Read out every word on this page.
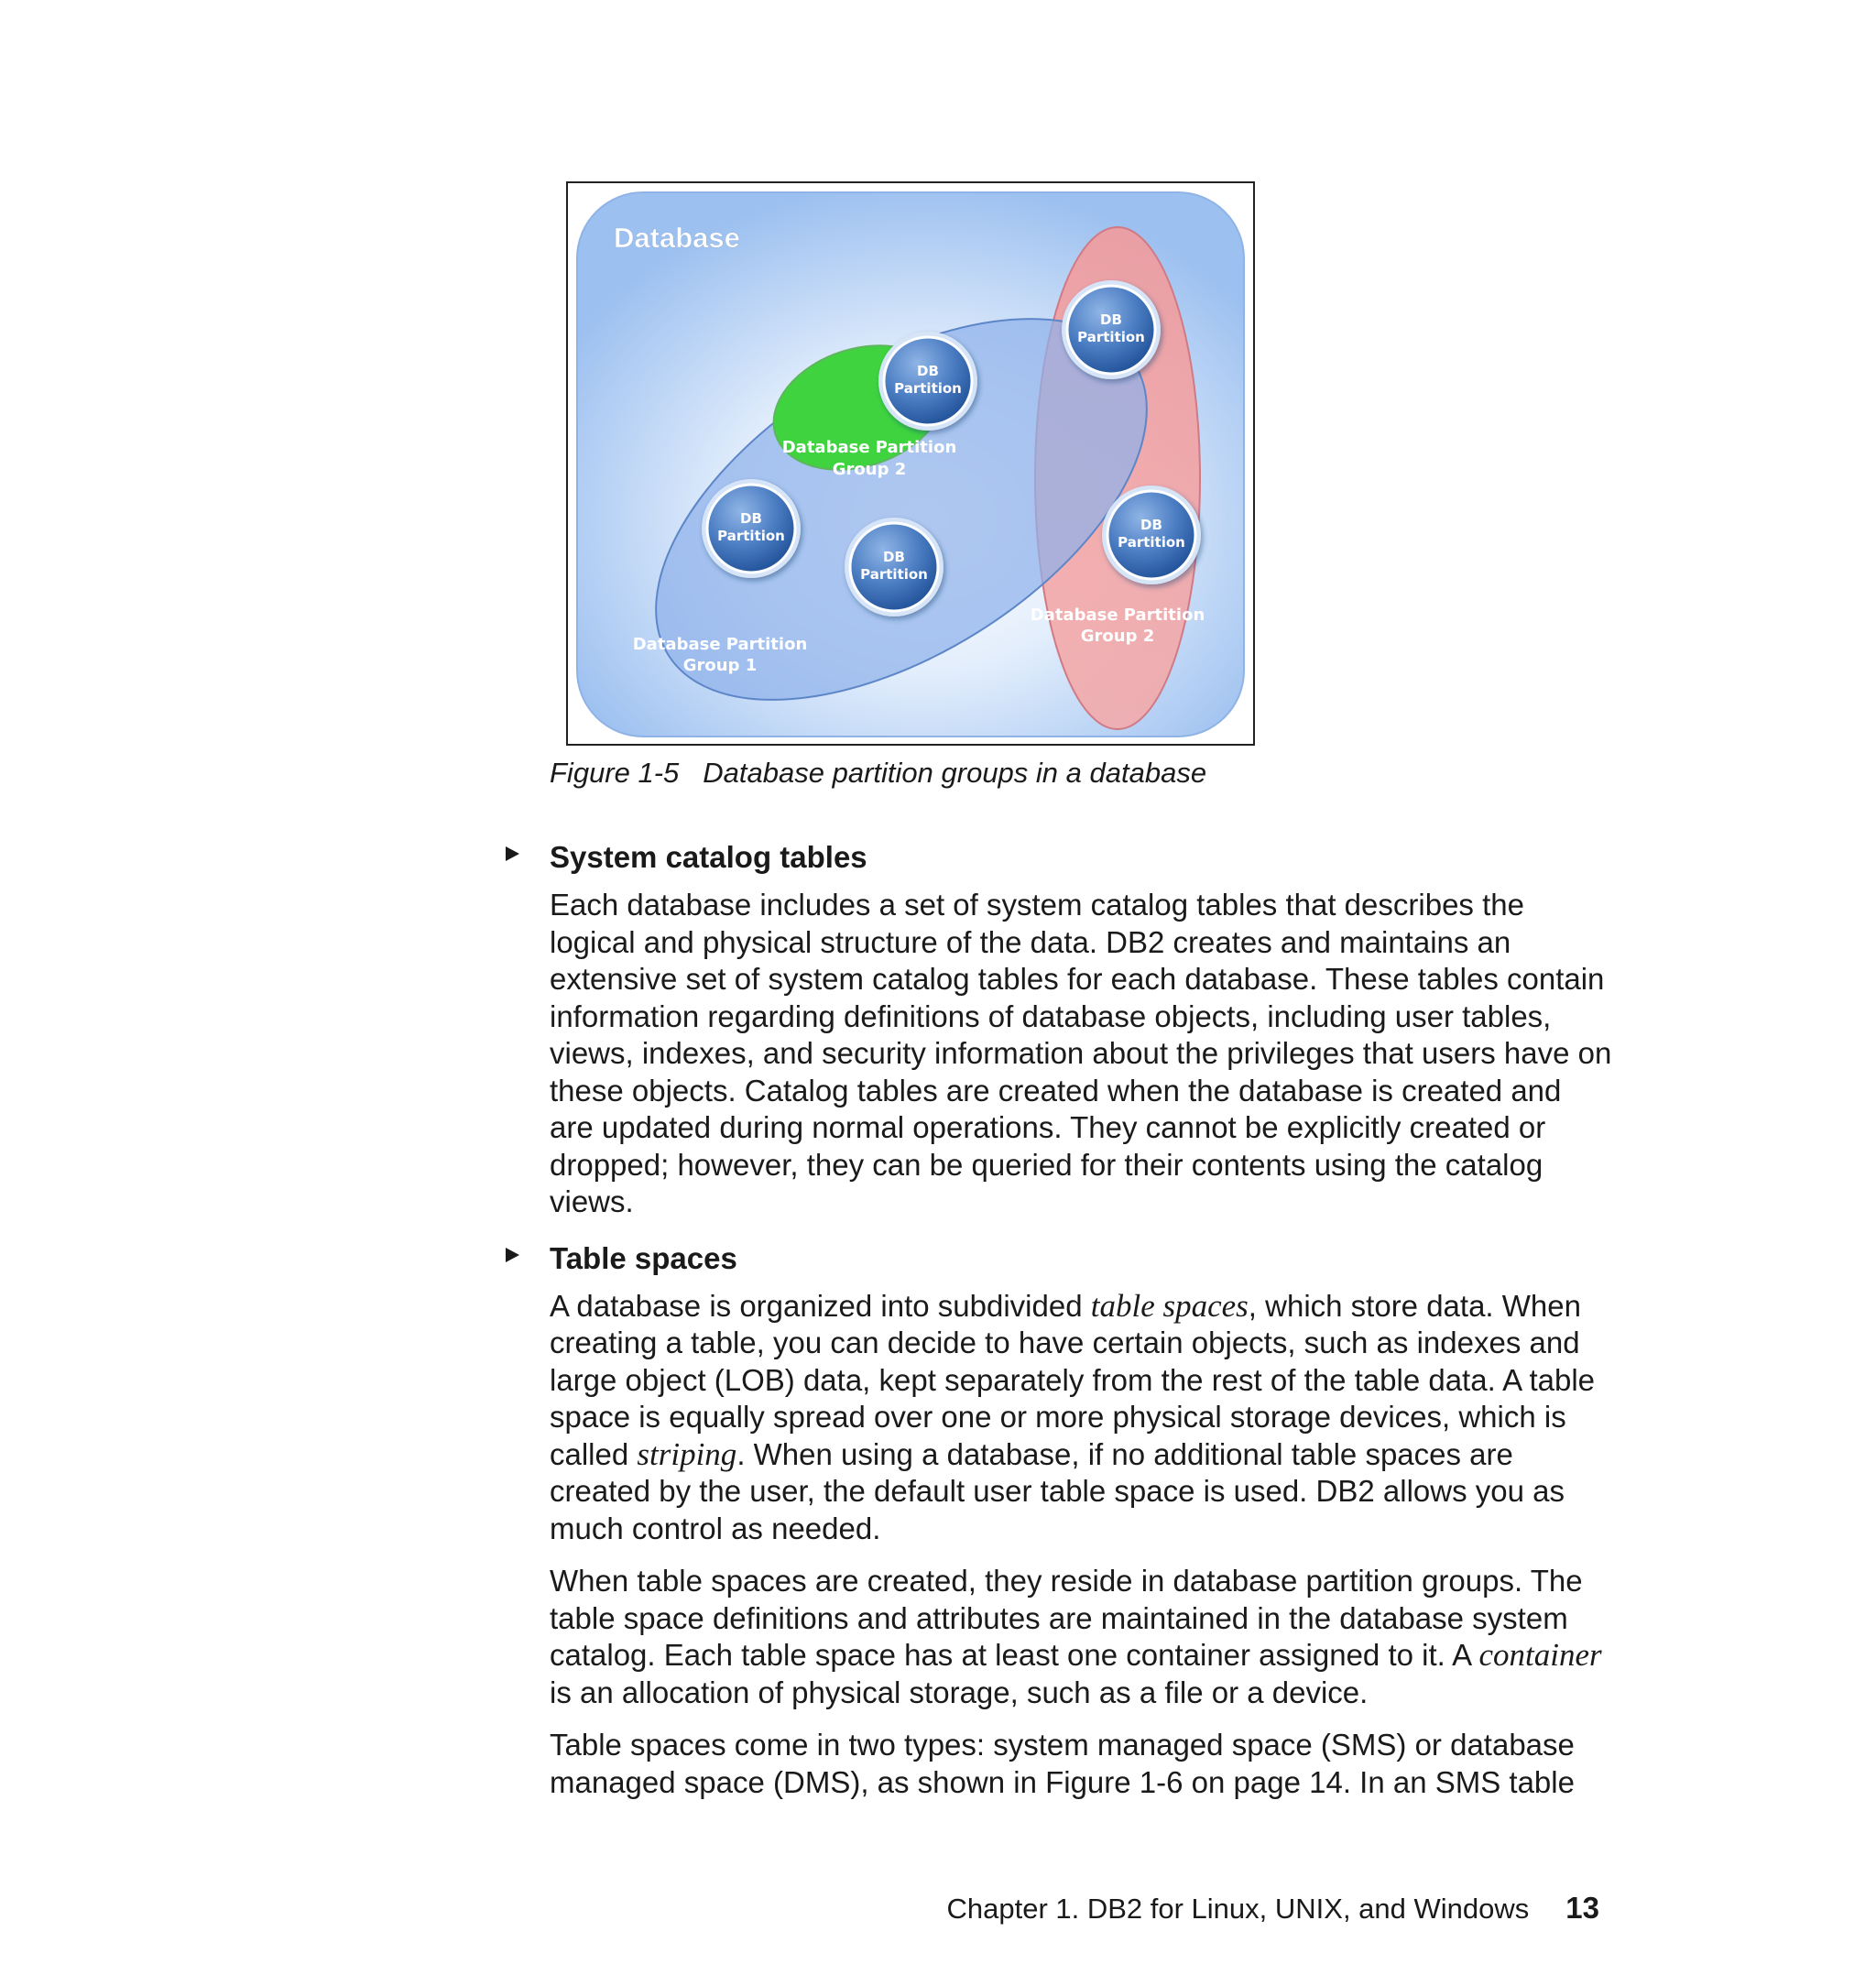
Database
DB
Partition
DB
Partition
DB
Partition
DB
Partition
DB
Partition
Database Partition
Group 2
Database Partition
Group 1
Database Partition
Group 2
Figure 1-5 Database partition groups in a database
System catalog tables

Each database includes a set of system catalog tables that describes the logical and physical structure of the data. DB2 creates and maintains an extensive set of system catalog tables for each database. These tables contain information regarding definitions of database objects, including user tables, views, indexes, and security information about the privileges that users have on these objects. Catalog tables are created when the database is created and are updated during normal operations. They cannot be explicitly created or dropped; however, they can be queried for their contents using the catalog views.

Table spaces

A database is organized into subdivided table spaces, which store data. When creating a table, you can decide to have certain objects, such as indexes and large object (LOB) data, kept separately from the rest of the table data. A table space is equally spread over one or more physical storage devices, which is called striping. When using a database, if no additional table spaces are created by the user, the default user table space is used. DB2 allows you as much control as needed.

When table spaces are created, they reside in database partition groups. The table space definitions and attributes are maintained in the database system catalog. Each table space has at least one container assigned to it. A container is an allocation of physical storage, such as a file or a device.

Table spaces come in two types: system managed space (SMS) or database managed space (DMS), as shown in Figure 1-6 on page 14. In an SMS table

Chapter 1. DB2 for Linux, UNIX, and Windows 13
